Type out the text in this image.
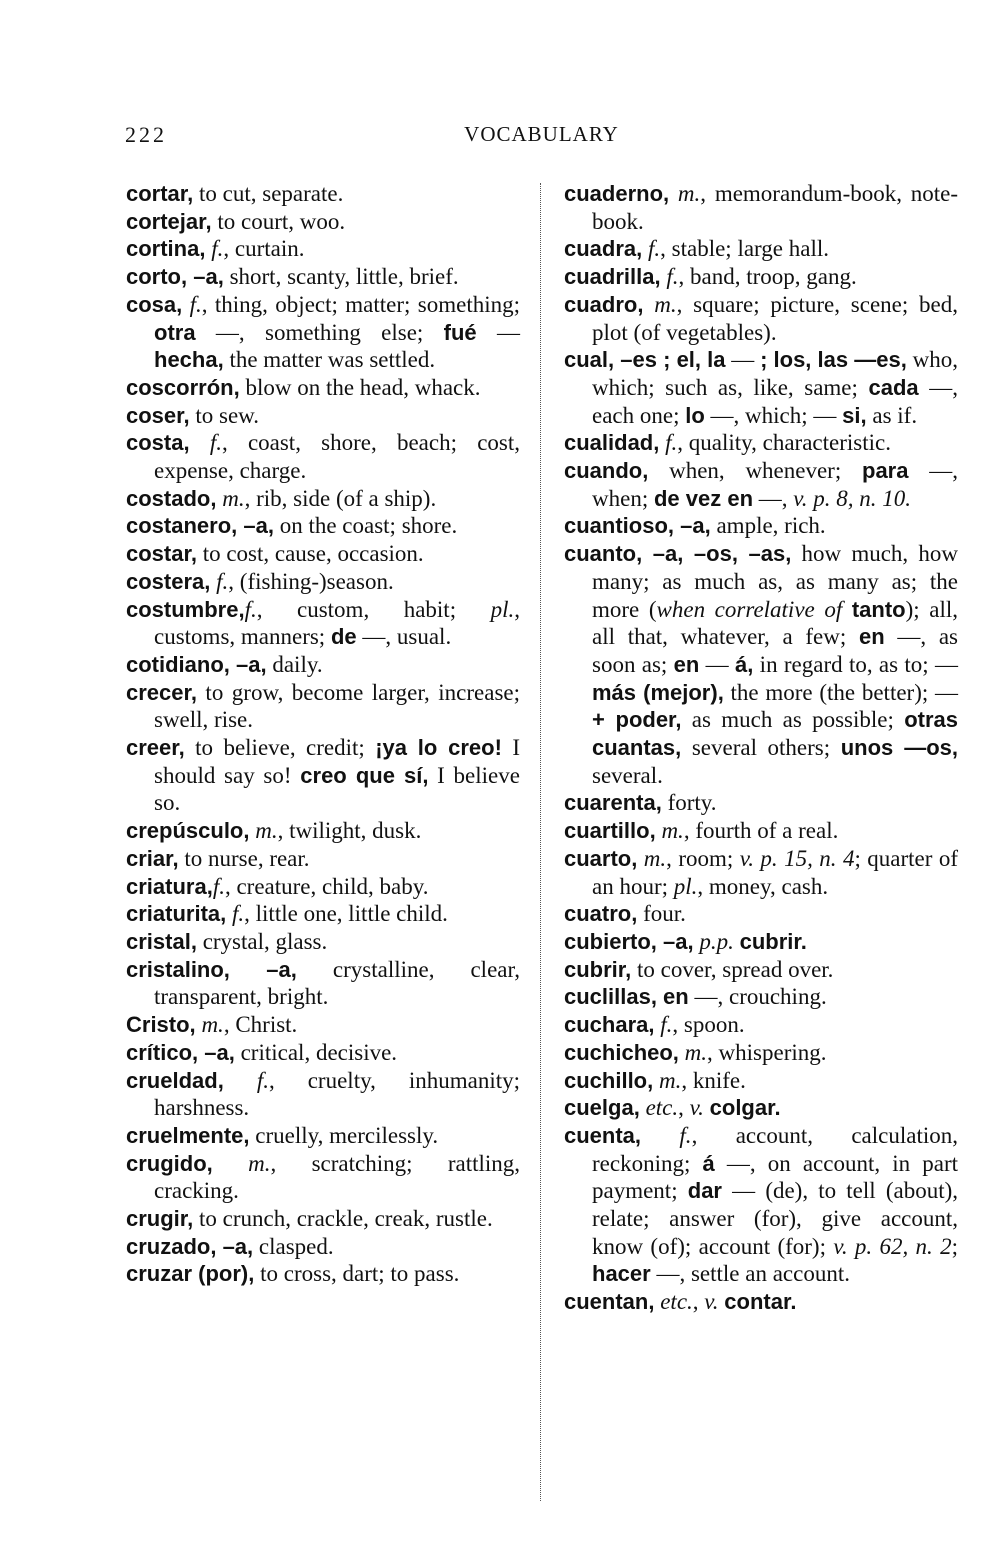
222	VOCABULARY
cortar, to cut, separate.
cortejar, to court, woo.
cortina, f., curtain.
corto, –a, short, scanty, little, brief.
cosa, f., thing, object; matter; something; otra —, something else; fué — hecha, the matter was settled.
coscorrón, blow on the head, whack.
coser, to sew.
costa, f., coast, shore, beach; cost, expense, charge.
costado, m., rib, side (of a ship).
costanero, –a, on the coast; shore.
costar, to cost, cause, occasion.
costera, f., (fishing-)season.
costumbre,f., custom, habit; pl., customs, manners; de —, usual.
cotidiano, –a, daily.
crecer, to grow, become larger, increase; swell, rise.
creer, to believe, credit; ¡ya lo creo! I should say so! creo que sí, I believe so.
crepúsculo, m., twilight, dusk.
criar, to nurse, rear.
criatura,f., creature, child, baby.
criaturita, f., little one, little child.
cristal, crystal, glass.
cristalino, –a, crystalline, clear, transparent, bright.
Cristo, m., Christ.
crítico, –a, critical, decisive.
crueldad, f., cruelty, inhumanity; harshness.
cruelmente, cruelly, mercilessly.
crugido, m., scratching; rattling, cracking.
crugir, to crunch, crackle, creak, rustle.
cruzado, –a, clasped.
cruzar (por), to cross, dart; to pass.
cuaderno, m., memorandum-book, note-book.
cuadra, f., stable; large hall.
cuadrilla, f., band, troop, gang.
cuadro, m., square; picture, scene; bed, plot (of vegetables).
cual, –es ; el, la — ; los, las —es, who, which; such as, like, same; cada —, each one; lo —, which; — si, as if.
cualidad, f., quality, characteristic.
cuando, when, whenever; para —, when; de vez en —, v. p. 8, n. 10.
cuantioso, –a, ample, rich.
cuanto, –a, –os, –as, how much, how many; as much as, as many as; the more (when correlative of tanto); all, all that, whatever, a few; en —, as soon as; en — á, in regard to, as to; — más (mejor), the more (the better); — + poder, as much as possible; otras cuantas, several others; unos —os, several.
cuarenta, forty.
cuartillo, m., fourth of a real.
cuarto, m., room; v. p. 15, n. 4; quarter of an hour; pl., money, cash.
cuatro, four.
cubierto, –a, p.p. cubrir.
cubrir, to cover, spread over.
cuclillas, en —, crouching.
cuchara, f., spoon.
cuchicheo, m., whispering.
cuchillo, m., knife.
cuelga, etc., v. colgar.
cuenta, f., account, calculation, reckoning; á —, on account, in part payment; dar — (de), to tell (about), relate; answer (for), give account, know (of); account (for); v. p. 62, n. 2; hacer —, settle an account.
cuentan, etc., v. contar.
